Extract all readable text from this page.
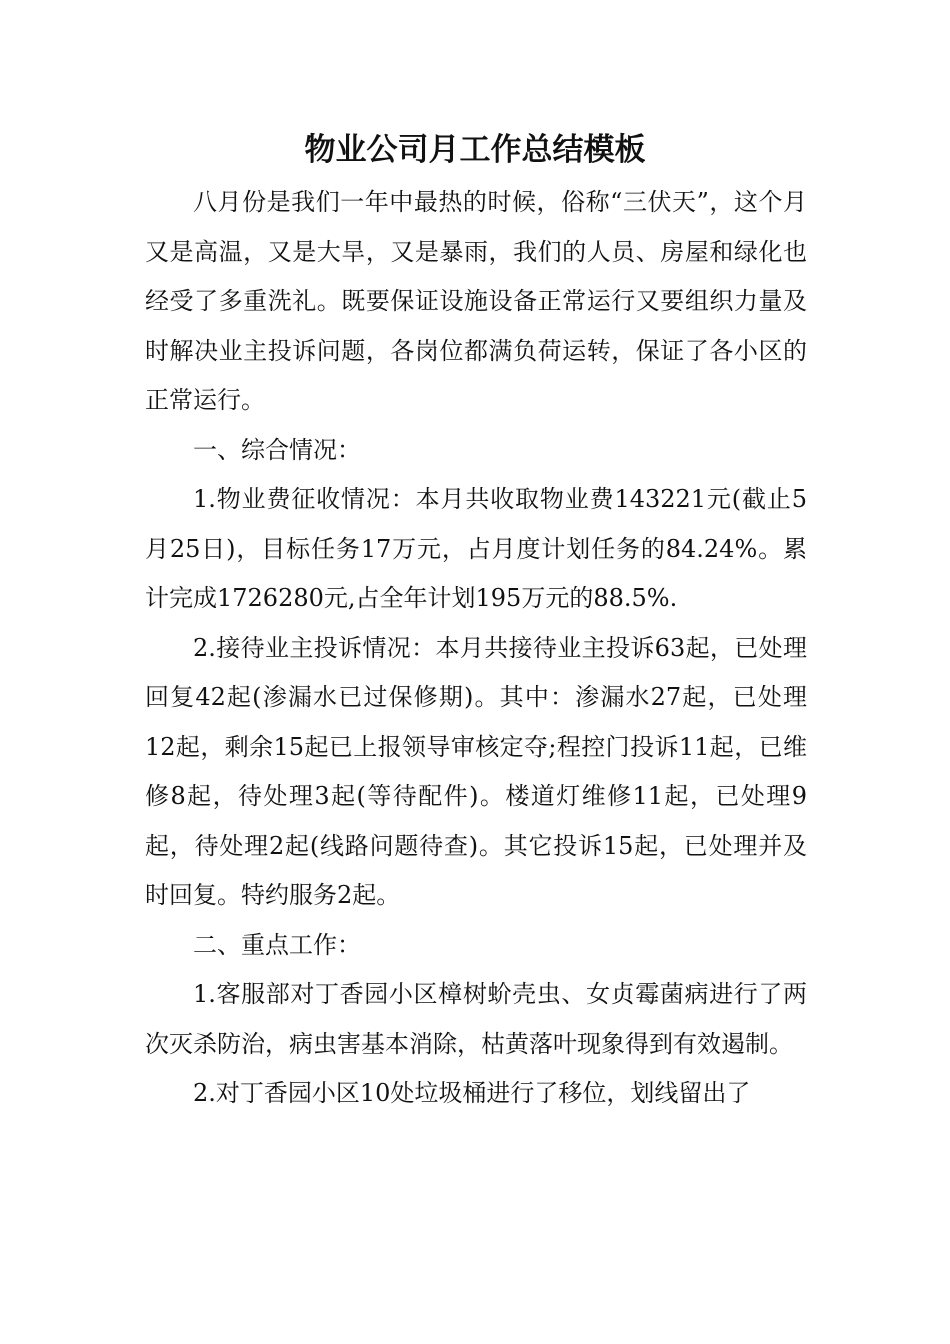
物业公司月工作总结模板

八月份是我们一年中最热的时候，俗称“三伏天”，这个月又是高温，又是大旱，又是暴雨，我们的人员、房屋和绿化也经受了多重洗礼。既要保证设施设备正常运行又要组织力量及时解决业主投诉问题，各岗位都满负荷运转，保证了各小区的正常运行。

一、综合情况：

1.物业费征收情况：本月共收取物业费143221元(截止5月25日)，目标任务17万元，占月度计划任务的84.24%。累计完成1726280元,占全年计划195万元的88.5%.

2.接待业主投诉情况：本月共接待业主投诉63起，已处理回复42起(渗漏水已过保修期)。其中：渗漏水27起，已处理12起，剩余15起已上报领导审核定夺;程控门投诉11起，已维修8起，待处理3起(等待配件)。楼道灯维修11起，已处理9起，待处理2起(线路问题待查)。其它投诉15起，已处理并及时回复。特约服务2起。

二、重点工作：

1.客服部对丁香园小区樟树蚧壳虫、女贞霉菌病进行了两次灭杀防治，病虫害基本消除，枯黄落叶现象得到有效遏制。

2.对丁香园小区10处垃圾桶进行了移位，划线留出了
